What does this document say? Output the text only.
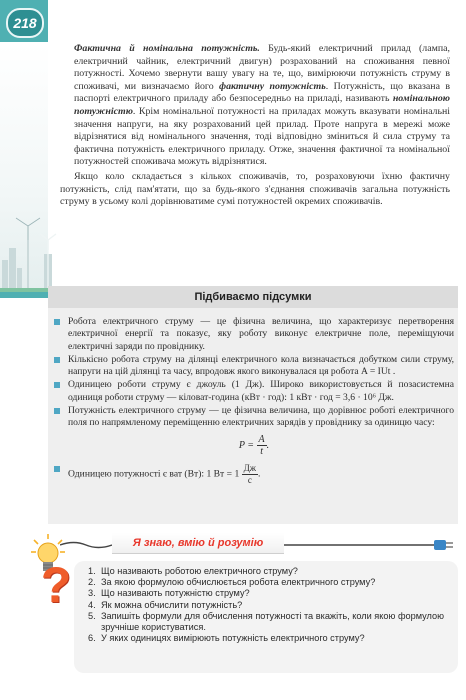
218

Фактична й номінальна потужність. Будь-який електричний прилад (лампа, електричний чайник, електричний двигун) розрахований на споживання певної потужності. Хочемо звернути вашу увагу на те, що, вимірюючи потужність струму в споживачі, ми визначаємо його фактичну потужність. Потужність, що вказана в паспорті електричного приладу або безпосередньо на приладі, називають номінальною потужністю. Крім номінальної потужності на приладах можуть вказувати номінальні значення напруги, на яку розрахований цей прилад. Проте напруга в мережі може відрізнятися від номінального значення, тоді відповідно зміниться й сила струму та фактична потужність електричного приладу. Отже, значення фактичної та номінальної потужностей споживача можуть відрізнятися.

Якщо коло складається з кількох споживачів, то, розраховуючи їхню фактичну потужність, слід пам'ятати, що за будь-якого з'єднання споживачів загальна потужність струму в усьому колі дорівнюватиме сумі потужностей окремих споживачів.

Підбиваємо підсумки
Робота електричного струму — це фізична величина, що характеризує перетворення електричної енергії та показує, яку роботу виконує електричне поле, переміщуючи електричні заряди по провіднику.
Кількісно робота струму на ділянці електричного кола визначається добутком сили струму, напруги на цій ділянці та часу, впродовж якого виконувалася ця робота A = IUt .
Одиницею роботи струму є джоуль (1 Дж). Широко використовується й позасистемна одиниця роботи струму — кіловат-година (кВт · год): 1 кВт · год = 3,6 · 10⁶ Дж.
Потужність електричного струму — це фізична величина, що дорівнює роботі електричного поля по напрямленому переміщенню електричних зарядів у провіднику за одиницю часу:
$P = \frac{A}{t}$ .
Одиницею потужності є ват (Вт): 1 Вт = $1 \frac{Дж}{с}$ .
Я знаю, вмію й розумію
?	1. Що називають роботою електричного струму?
2. За якою формулою обчислюється робота електричного струму?
3. Що називають потужністю струму?
4. Як можна обчислити потужність?
5. Запишіть формули для обчислення потужності та вкажіть, коли якою формулою зручніше користуватися.
6. У яких одиницях вимірюють потужність електричного струму?
